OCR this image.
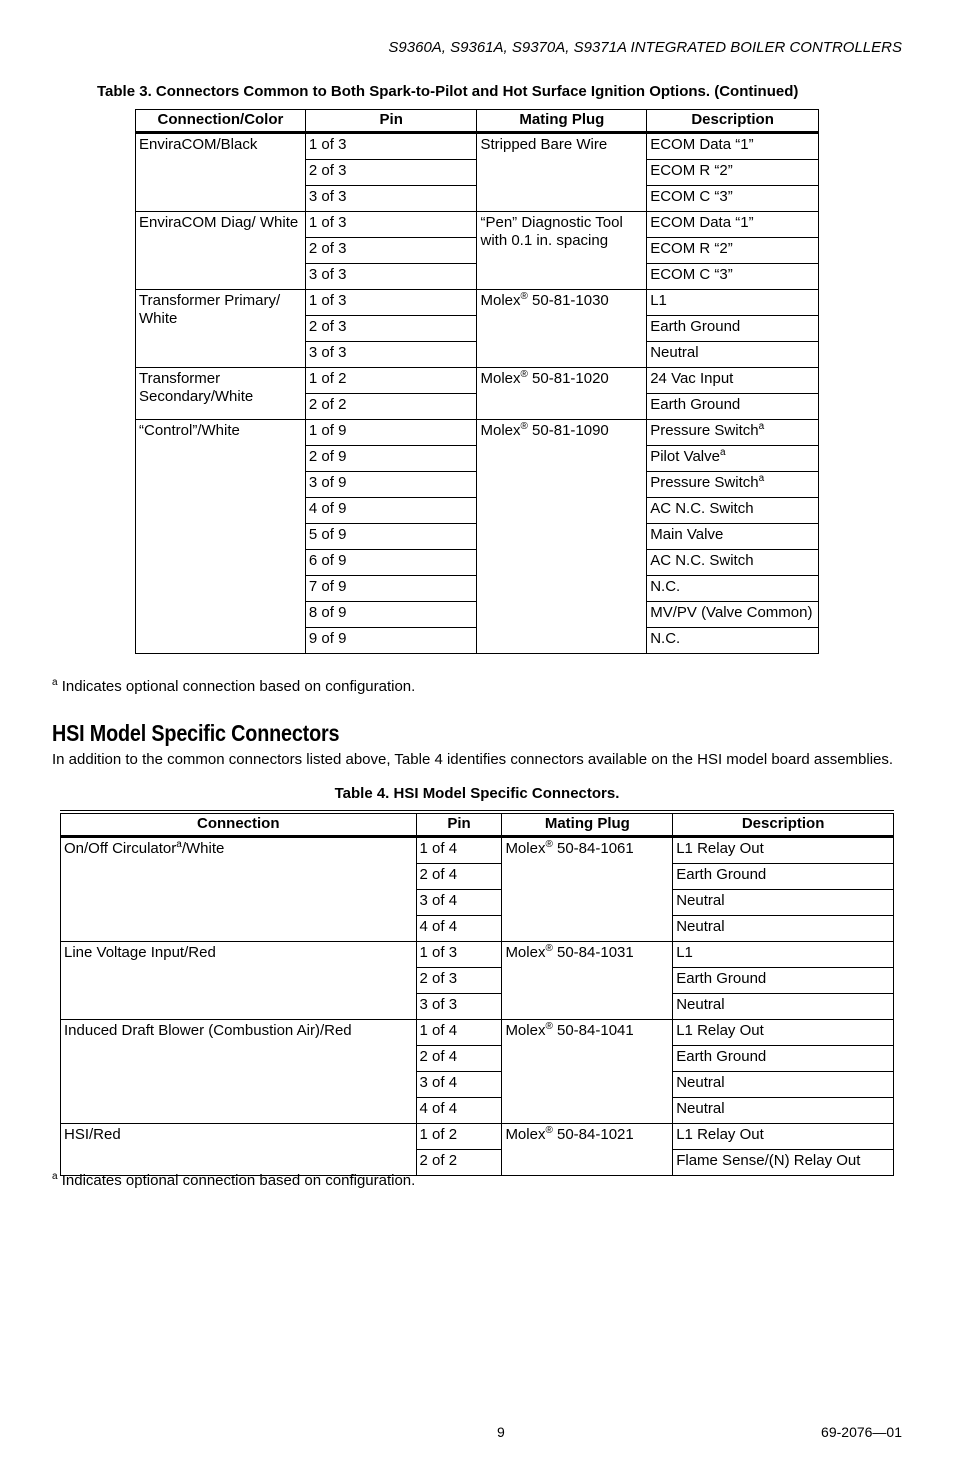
S9360A, S9361A, S9370A, S9371A INTEGRATED BOILER CONTROLLERS
Table 3. Connectors Common to Both Spark-to-Pilot and Hot Surface Ignition Options. (Continued)
Connection/Color	Pin	Mating Plug	Description
EnviraCOM/Black	1 of 3	Stripped Bare Wire	ECOM Data “1”
	2 of 3		ECOM R “2”
	3 of 3		ECOM C “3”
EnviraCOM Diag/ White	1 of 3	“Pen” Diagnostic Tool with 0.1 in. spacing	ECOM Data “1”
	2 of 3		ECOM R “2”
	3 of 3		ECOM C “3”
Transformer Primary/ White	1 of 3	Molex® 50-81-1030	L1
	2 of 3		Earth Ground
	3 of 3		Neutral
Transformer Secondary/White	1 of 2	Molex® 50-81-1020	24 Vac Input
	2 of 2		Earth Ground
“Control”/White	1 of 9	Molex® 50-81-1090	Pressure Switch$^a$
	2 of 9		Pilot Valve$^a$
	3 of 9		Pressure Switch$^a$
	4 of 9		AC N.C. Switch
	5 of 9		Main Valve
	6 of 9		AC N.C. Switch
	7 of 9		N.C.
	8 of 9		MV/PV (Valve Common)
	9 of 9		N.C.
$^a$ Indicates optional connection based on configuration.
HSI Model Specific Connectors
In addition to the common connectors listed above, Table 4 identifies connectors available on the HSI model board assemblies.
Table 4. HSI Model Specific Connectors.
Connection	Pin	Mating Plug	Description
On/Off Circulator$^a$/White	1 of 4	Molex® 50-84-1061	L1 Relay Out
	2 of 4		Earth Ground
	3 of 4		Neutral
	4 of 4		Neutral
Line Voltage Input/Red	1 of 3	Molex® 50-84-1031	L1
	2 of 3		Earth Ground
	3 of 3		Neutral
Induced Draft Blower (Combustion Air)/Red	1 of 4	Molex® 50-84-1041	L1 Relay Out
	2 of 4		Earth Ground
	3 of 4		Neutral
	4 of 4		Neutral
HSI/Red	1 of 2	Molex® 50-84-1021	L1 Relay Out
	2 of 2		Flame Sense/(N) Relay Out
$^a$ Indicates optional connection based on configuration.
9	69-2076—01
